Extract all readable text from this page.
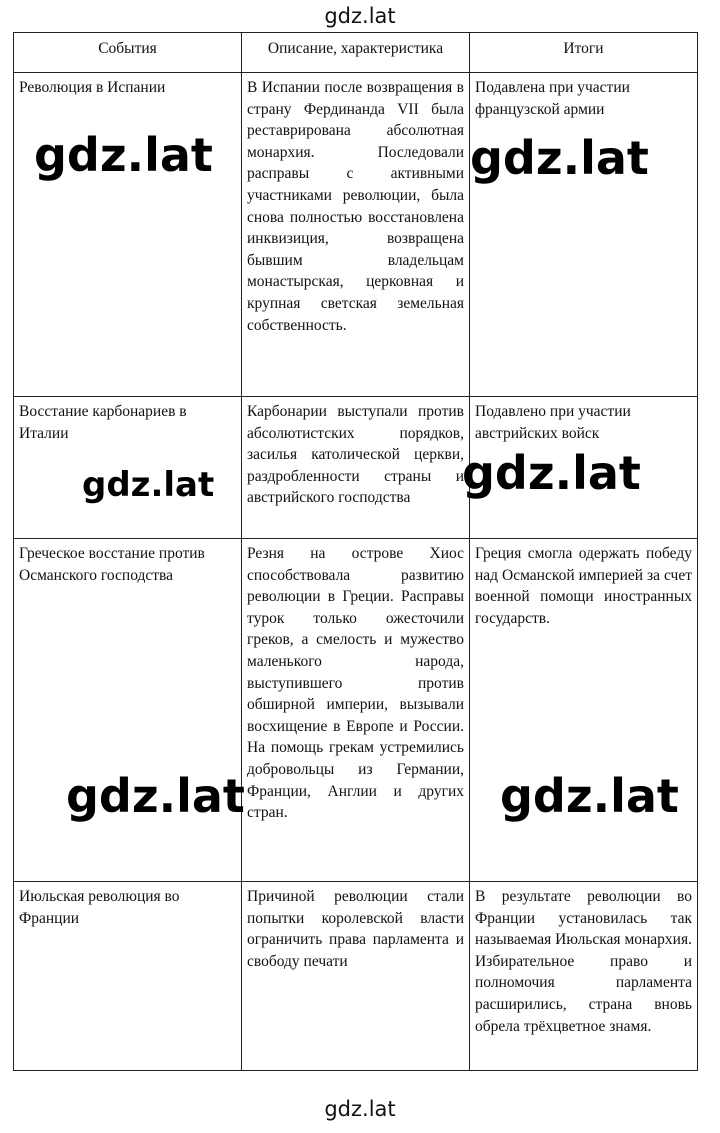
gdz.lat
События	Описание, характеристика	Итоги
Революция в Испании	В Испании после возвращения в страну Фердинанда VII была реставрирована абсолютная монархия. Последовали расправы с активными участниками революции, была снова полностью восстановлена инквизиция, возвращена бывшим владельцам монастырская, церковная и крупная светская земельная собственность.	Подавлена при участии французской армии
Восстание карбонариев в Италии	Карбонарии выступали против абсолютистских порядков, засилья католической церкви, раздробленности страны и австрийского господства	Подавлено при участии австрийских войск
Греческое восстание против Османского господства	Резня на острове Хиос способствовала развитию революции в Греции. Расправы турок только ожесточили греков, а смелость и мужество маленького народа, выступившего против обширной империи, вызывали восхищение в Европе и России. На помощь грекам устремились добровольцы из Германии, Франции, Англии и других стран.	Греция смогла одержать победу над Османской империей за счет военной помощи иностранных государств.
Июльская революция во Франции	Причиной революции стали попытки королевской власти ограничить права парламента и свободу печати	В результате революции во Франции установилась так называемая Июльская монархия. Избирательное право и полномочия парламента расширились, страна вновь обрела трёхцветное знамя.
gdz.lat	gdz.lat
gdz.lat	gdz.lat
gdz.lat	gdz.lat
gdz.lat
